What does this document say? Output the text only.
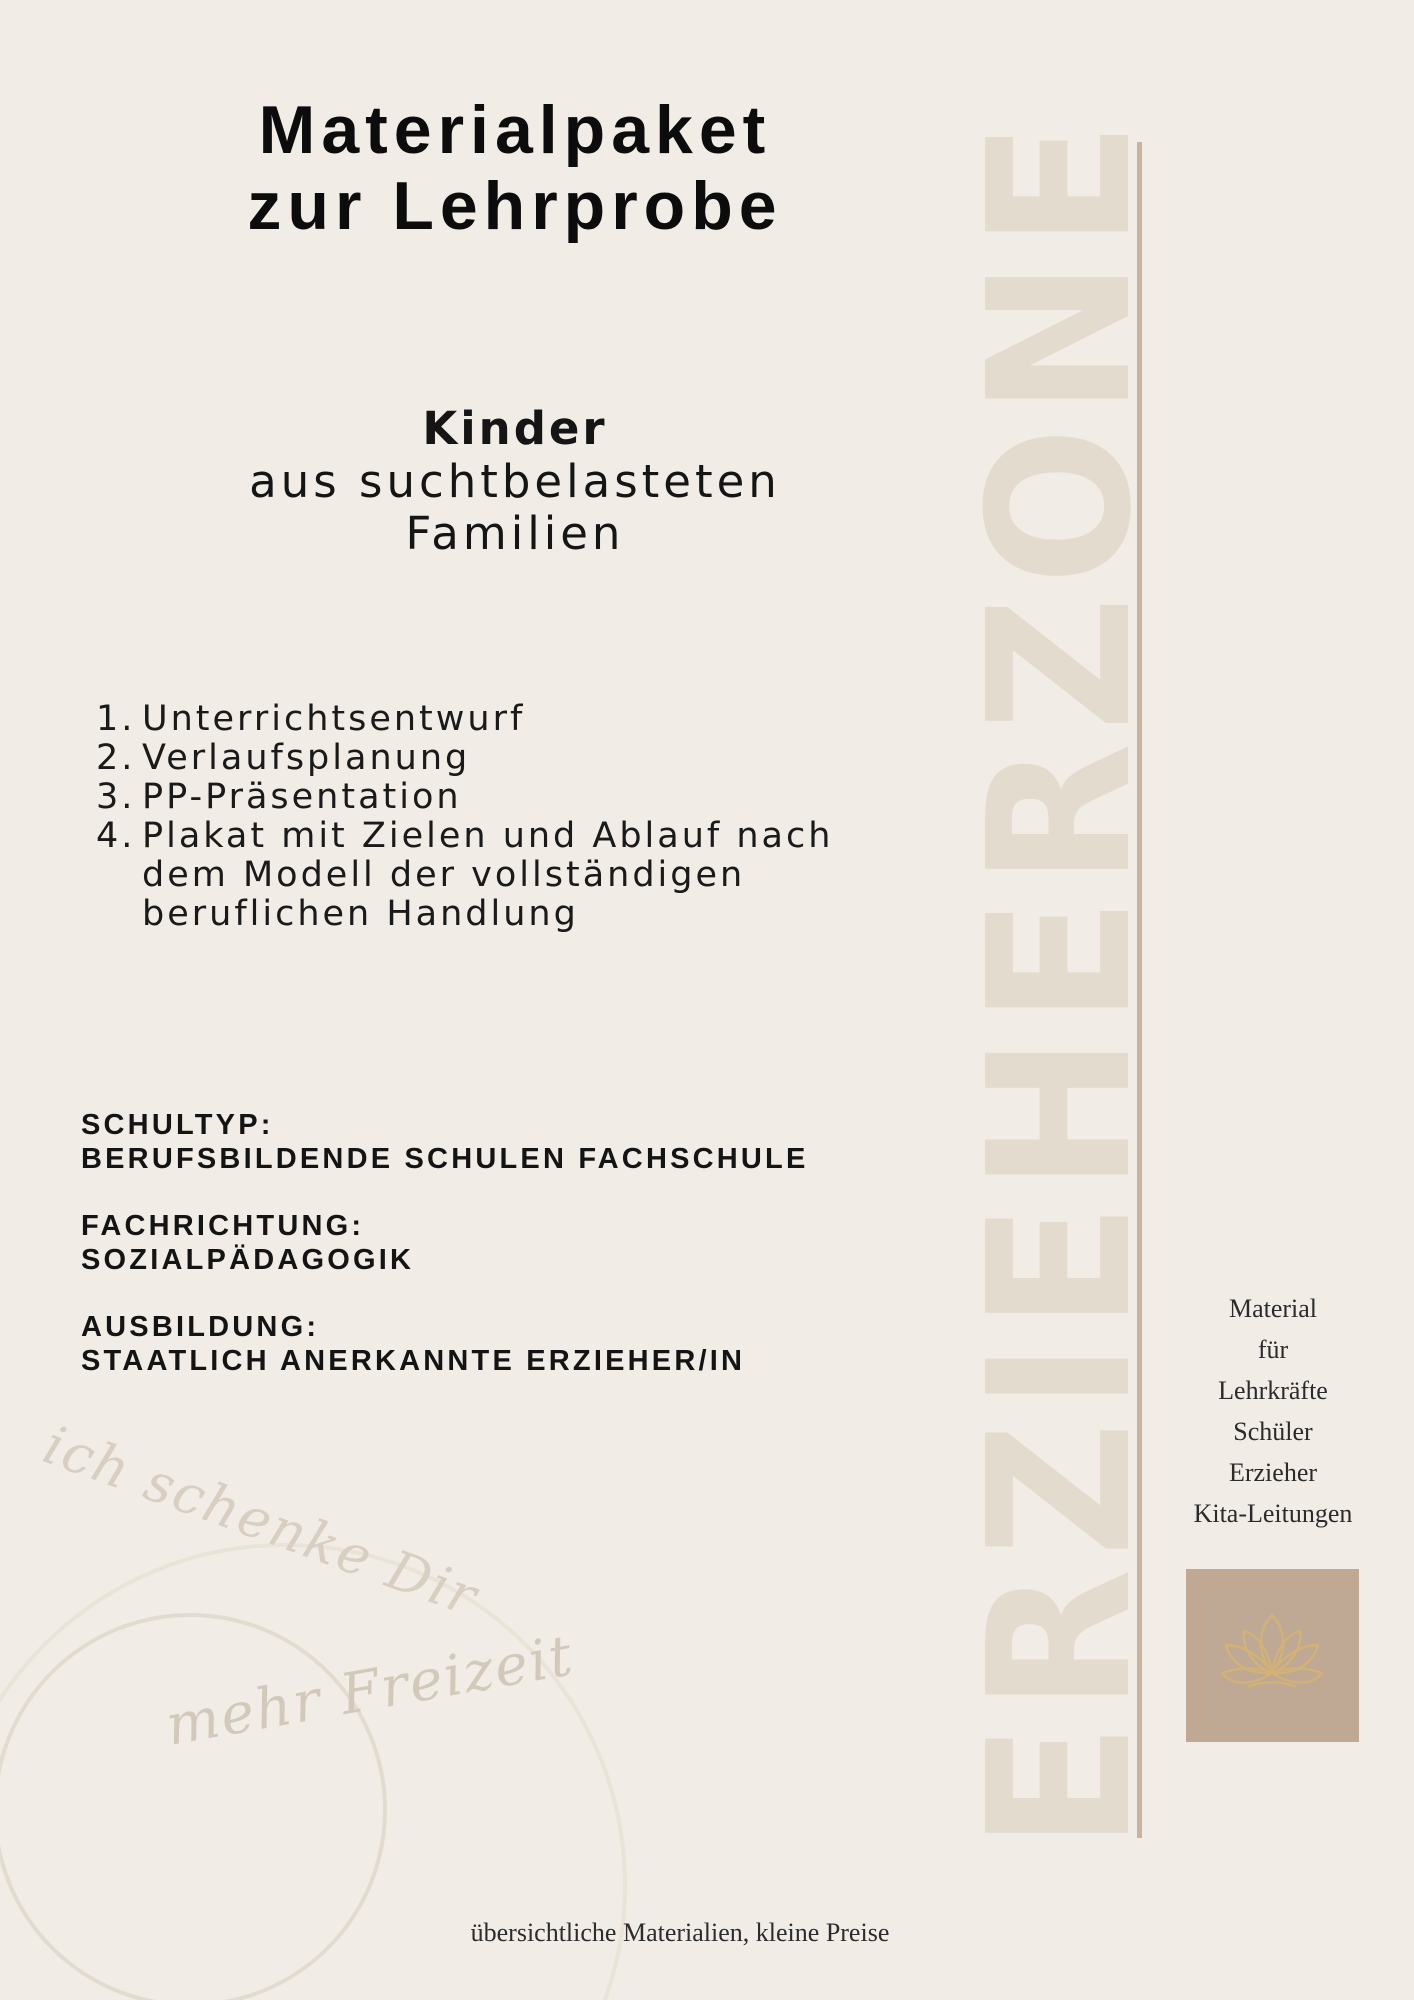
ich schenke Dir
mehr Freizeit
Materialpaket
zur Lehrprobe
Kinder
aus suchtbelasteten
Familien
1. Unterrichtsentwurf
2. Verlaufsplanung
3. PP-Präsentation
4. Plakat mit Zielen und Ablauf nach dem Modell der vollständigen beruflichen Handlung
SCHULTYP:
BERUFSBILDENDE SCHULEN FACHSCHULE
FACHRICHTUNG:
SOZIALPÄDAGOGIK
AUSBILDUNG:
STAATLICH ANERKANNTE ERZIEHER/IN	ERZIEHERZONE	Material
für
Lehrkräfte
Schüler
Erzieher
Kita-Leitungen
übersichtliche Materialien, kleine Preise
